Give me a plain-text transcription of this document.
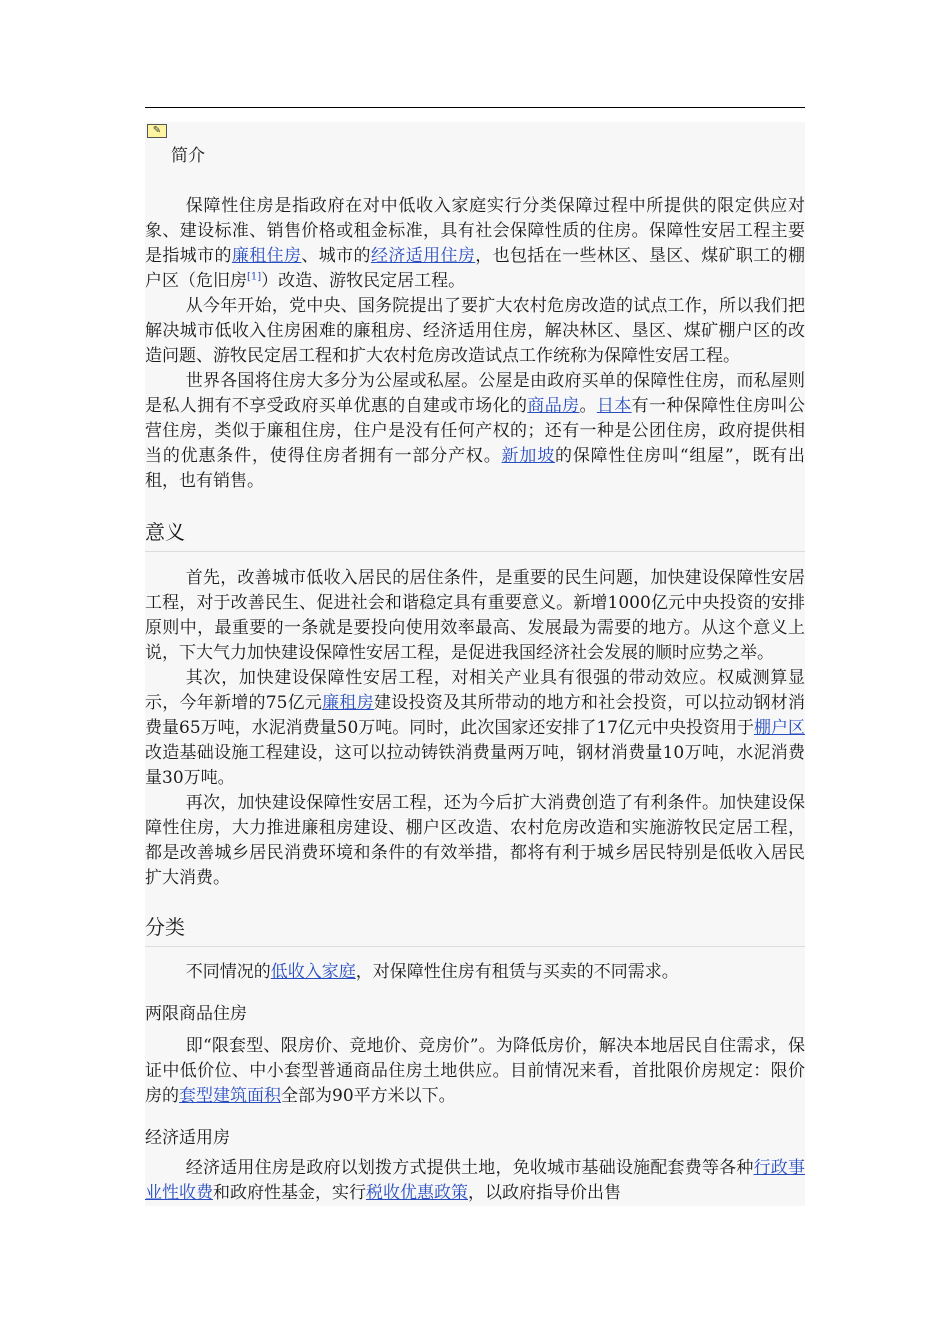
✎
简介

保障性住房是指政府在对中低收入家庭实行分类保障过程中所提供的限定供应对象、建设标准、销售价格或租金标准，具有社会保障性质的住房。保障性安居工程主要是指城市的廉租住房、城市的经济适用住房，也包括在一些林区、垦区、煤矿职工的棚户区（危旧房[1]）改造、游牧民定居工程。

从今年开始，党中央、国务院提出了要扩大农村危房改造的试点工作，所以我们把解决城市低收入住房困难的廉租房、经济适用住房，解决林区、垦区、煤矿棚户区的改造问题、游牧民定居工程和扩大农村危房改造试点工作统称为保障性安居工程。

世界各国将住房大多分为公屋或私屋。公屋是由政府买单的保障性住房，而私屋则是私人拥有不享受政府买单优惠的自建或市场化的商品房。日本有一种保障性住房叫公营住房，类似于廉租住房，住户是没有任何产权的；还有一种是公团住房，政府提供相当的优惠条件，使得住房者拥有一部分产权。新加坡的保障性住房叫“组屋”，既有出租，也有销售。

意义

首先，改善城市低收入居民的居住条件，是重要的民生问题，加快建设保障性安居工程，对于改善民生、促进社会和谐稳定具有重要意义。新增1000亿元中央投资的安排原则中，最重要的一条就是要投向使用效率最高、发展最为需要的地方。从这个意义上说，下大气力加快建设保障性安居工程，是促进我国经济社会发展的顺时应势之举。

其次，加快建设保障性安居工程，对相关产业具有很强的带动效应。权威测算显示，今年新增的75亿元廉租房建设投资及其所带动的地方和社会投资，可以拉动钢材消费量65万吨，水泥消费量50万吨。同时，此次国家还安排了17亿元中央投资用于棚户区改造基础设施工程建设，这可以拉动铸铁消费量两万吨，钢材消费量10万吨，水泥消费量30万吨。

再次，加快建设保障性安居工程，还为今后扩大消费创造了有利条件。加快建设保障性住房，大力推进廉租房建设、棚户区改造、农村危房改造和实施游牧民定居工程，都是改善城乡居民消费环境和条件的有效举措，都将有利于城乡居民特别是低收入居民扩大消费。

分类

不同情况的低收入家庭，对保障性住房有租赁与买卖的不同需求。

两限商品住房

即“限套型、限房价、竞地价、竞房价”。为降低房价，解决本地居民自住需求，保证中低价位、中小套型普通商品住房土地供应。目前情况来看，首批限价房规定：限价房的套型建筑面积全部为90平方米以下。

经济适用房

经济适用住房是政府以划拨方式提供土地，免收城市基础设施配套费等各种行政事业性收费和政府性基金，实行税收优惠政策，以政府指导价出售
